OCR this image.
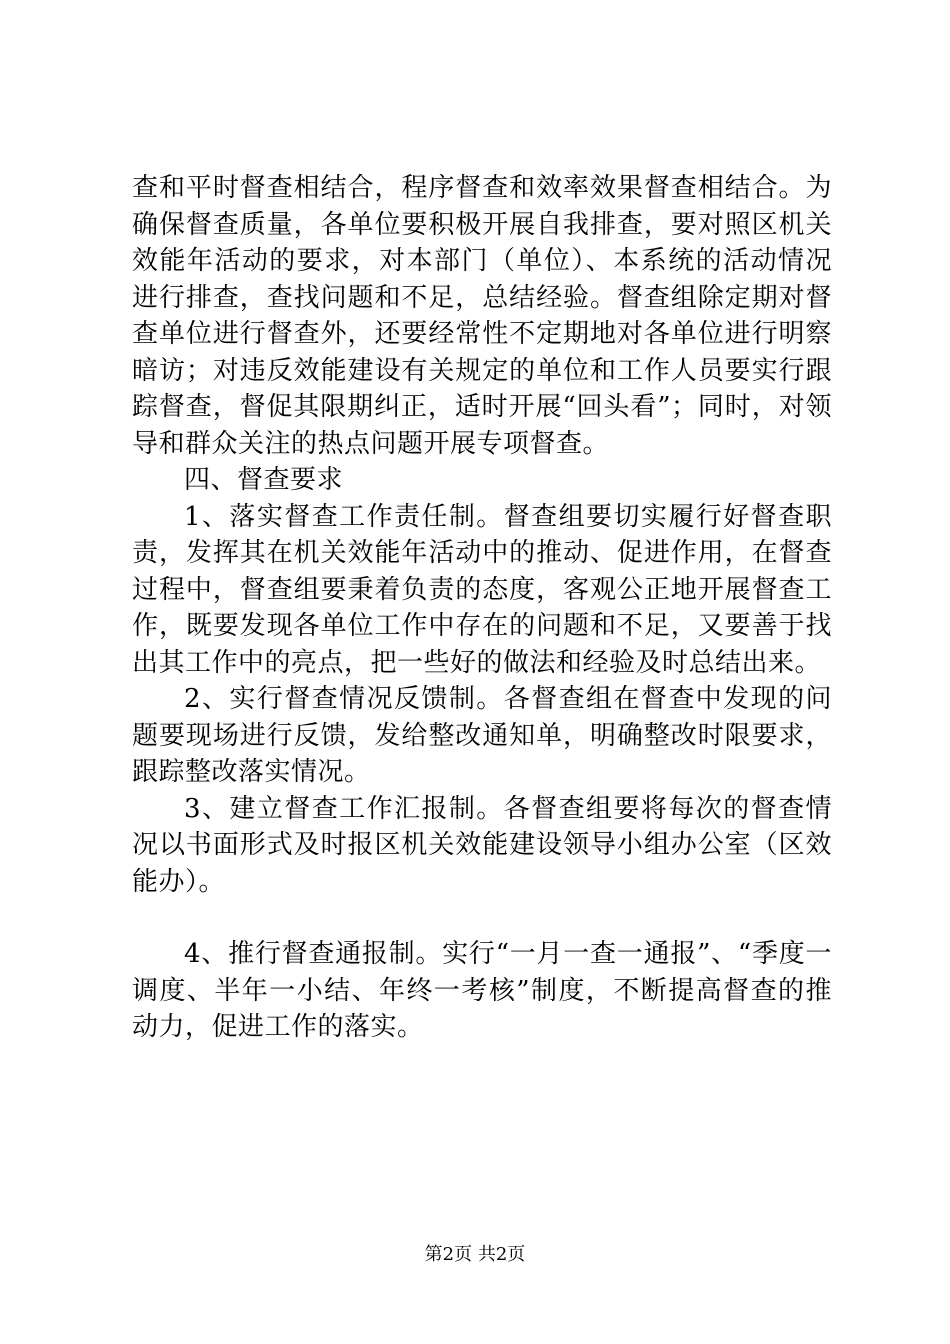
查和平时督查相结合，程序督查和效率效果督查相结合。为确保督查质量，各单位要积极开展自我排查，要对照区机关效能年活动的要求，对本部门（单位）、本系统的活动情况进行排查，查找问题和不足，总结经验。督查组除定期对督查单位进行督查外，还要经常性不定期地对各单位进行明察暗访；对违反效能建设有关规定的单位和工作人员要实行跟踪督查，督促其限期纠正，适时开展“回头看”；同时，对领导和群众关注的热点问题开展专项督查。

四、督查要求

1、落实督查工作责任制。督查组要切实履行好督查职责，发挥其在机关效能年活动中的推动、促进作用，在督查过程中，督查组要秉着负责的态度，客观公正地开展督查工作，既要发现各单位工作中存在的问题和不足，又要善于找出其工作中的亮点，把一些好的做法和经验及时总结出来。

2、实行督查情况反馈制。各督查组在督查中发现的问题要现场进行反馈，发给整改通知单，明确整改时限要求，跟踪整改落实情况。

3、建立督查工作汇报制。各督查组要将每次的督查情况以书面形式及时报区机关效能建设领导小组办公室（区效能办）。

4、推行督查通报制。实行“一月一查一通报”、“季度一调度、半年一小结、年终一考核”制度，不断提高督查的推动力，促进工作的落实。

第2页 共2页
